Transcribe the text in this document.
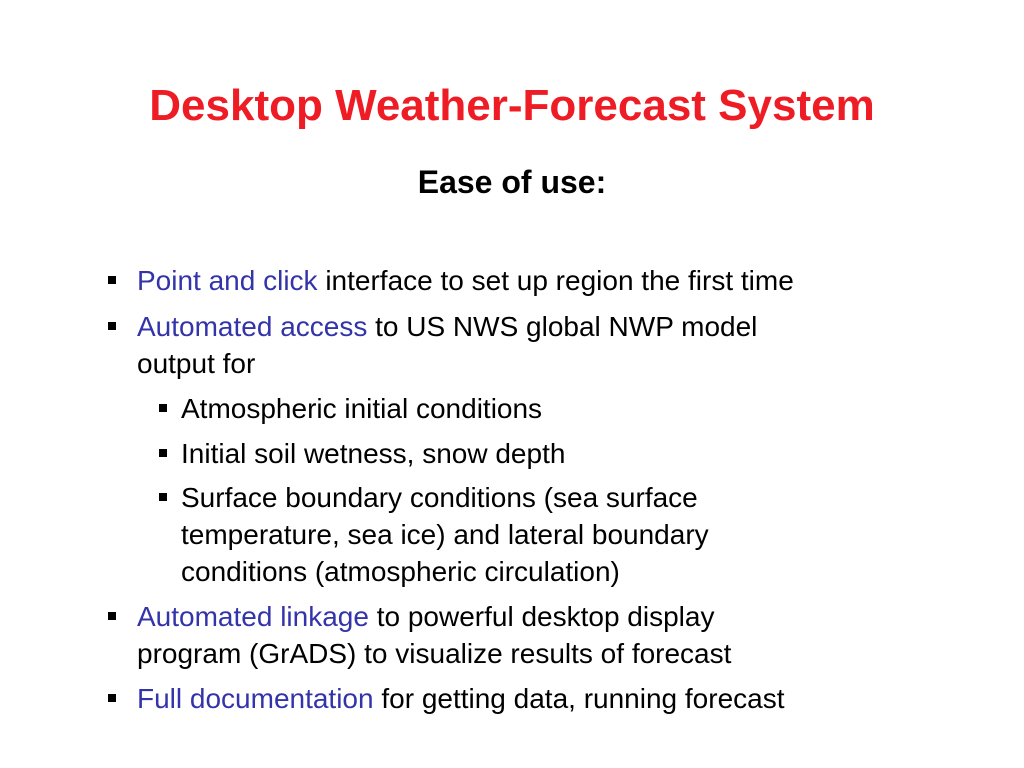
Desktop Weather-Forecast System
Ease of use:
Point and click interface to set up region the first time
Automated access to US NWS global NWP model
output for
Atmospheric initial conditions
Initial soil wetness, snow depth
Surface boundary conditions (sea surface
temperature, sea ice) and lateral boundary
conditions (atmospheric circulation)
Automated linkage to powerful desktop display
program (GrADS) to visualize results of forecast
Full documentation for getting data, running forecast
